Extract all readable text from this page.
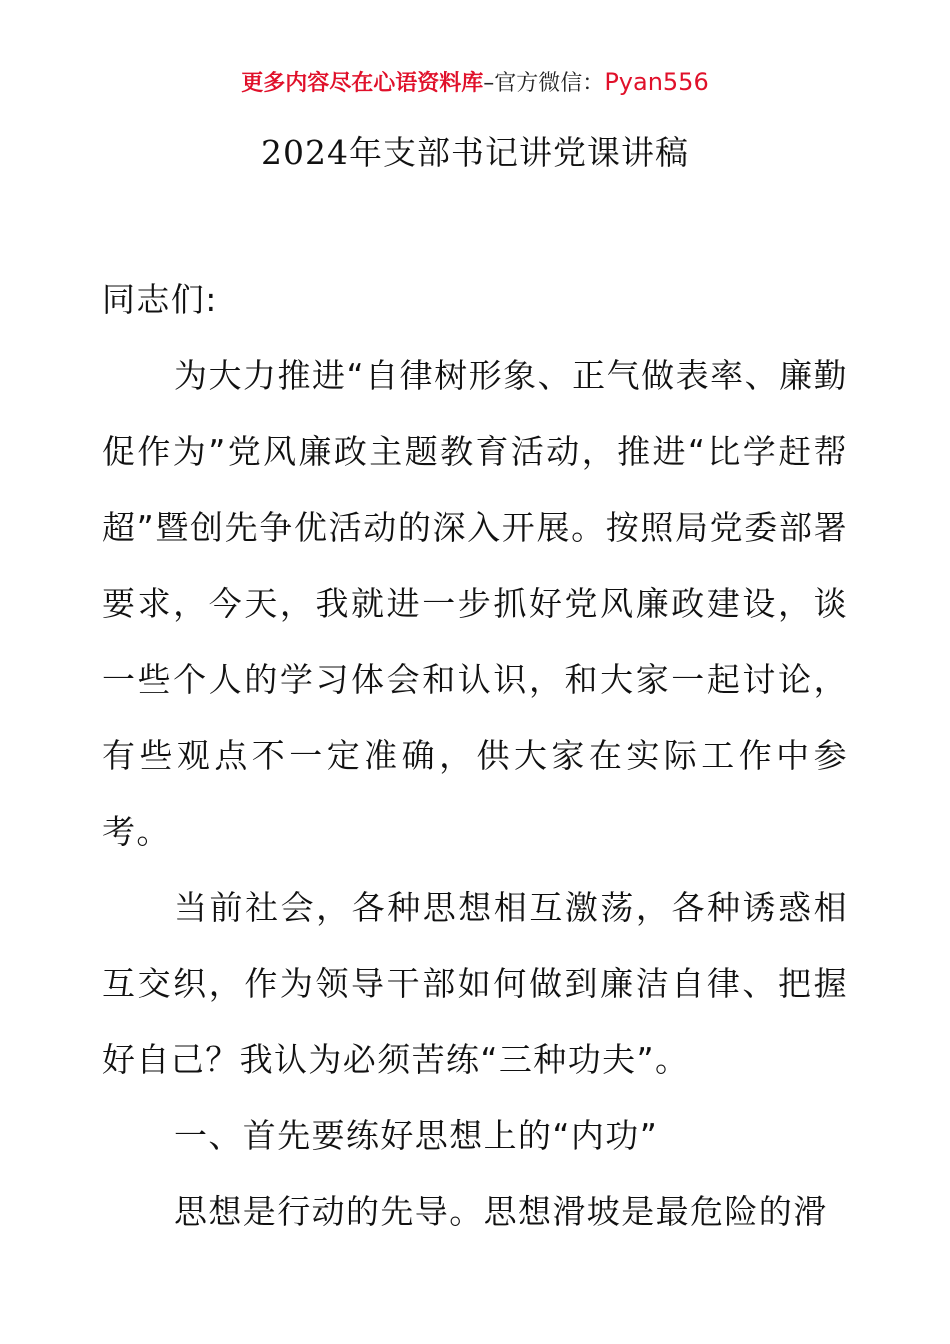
更多内容尽在心语资料库–官方微信：Pyan556
2024年支部书记讲党课讲稿

同志们:

为大力推进“自律树形象、正气做表率、廉勤促作为”党风廉政主题教育活动，推进“比学赶帮超”暨创先争优活动的深入开展。按照局党委部署要求，今天，我就进一步抓好党风廉政建设，谈一些个人的学习体会和认识，和大家一起讨论，有些观点不一定准确，供大家在实际工作中参考。

当前社会，各种思想相互激荡，各种诱惑相互交织，作为领导干部如何做到廉洁自律、把握好自己？我认为必须苦练“三种功夫”。

一、首先要练好思想上的“内功”

思想是行动的先导。思想滑坡是最危险的滑
